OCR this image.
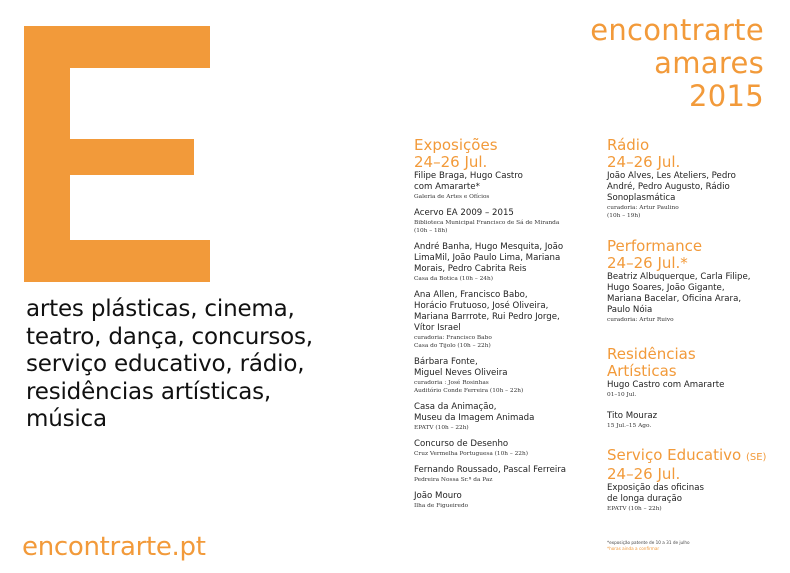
artes plásticas, cinema,
teatro, dança, concursos,
serviço educativo, rádio,
residências artísticas,
música
encontrarte.pt
encontrarte
amares
2015
Exposições
24–26 Jul.
Filipe Braga, Hugo Castro
com Amararte*
Galeria de Artes e Ofícios
Acervo EA 2009 – 2015
Biblioteca Municipal Francisco de Sá de Miranda
(10h – 18h)
André Banha, Hugo Mesquita, João
LimaMil, João Paulo Lima, Mariana
Morais, Pedro Cabrita Reis
Casa da Botica (10h – 24h)
Ana Allen, Francisco Babo,
Horácio Frutuoso, José Oliveira,
Mariana Barrrote, Rui Pedro Jorge,
Vítor Israel
curadoria: Francisco Babo
Casa do Tijolo (10h – 22h)
Bárbara Fonte,
Miguel Neves Oliveira
curadoria : José Rosinhas
Auditório Conde Ferreira (10h – 22h)
Casa da Animação,
Museu da Imagem Animada
EPATV (10h – 22h)
Concurso de Desenho
Cruz Vermelha Portuguesa (10h – 22h)
Fernando Roussado, Pascal Ferreira
Pedreira Nossa Sr.ª da Paz
João Mouro
Ilha de Figueiredo
Rádio
24–26 Jul.
João Alves, Les Ateliers, Pedro
André, Pedro Augusto, Rádio
Sonoplasmática
curadoria: Artur Paulino
(10h – 19h)
Performance
24–26 Jul.*
Beatriz Albuquerque, Carla Filipe,
Hugo Soares, João Gigante,
Mariana Bacelar, Oficina Arara,
Paulo Nóia
curadoria: Artur Ruivo
Residências
Artísticas
Hugo Castro com Amararte
01–10 Jul.
Tito Mouraz
15 Jul.–15 Ago.
Serviço Educativo (SE)
24–26 Jul.
Exposição das oficinas
de longa duração
EPATV (10h – 22h)
*exposição patente de 10 a 31 de julho
*horas ainda a confirmar
